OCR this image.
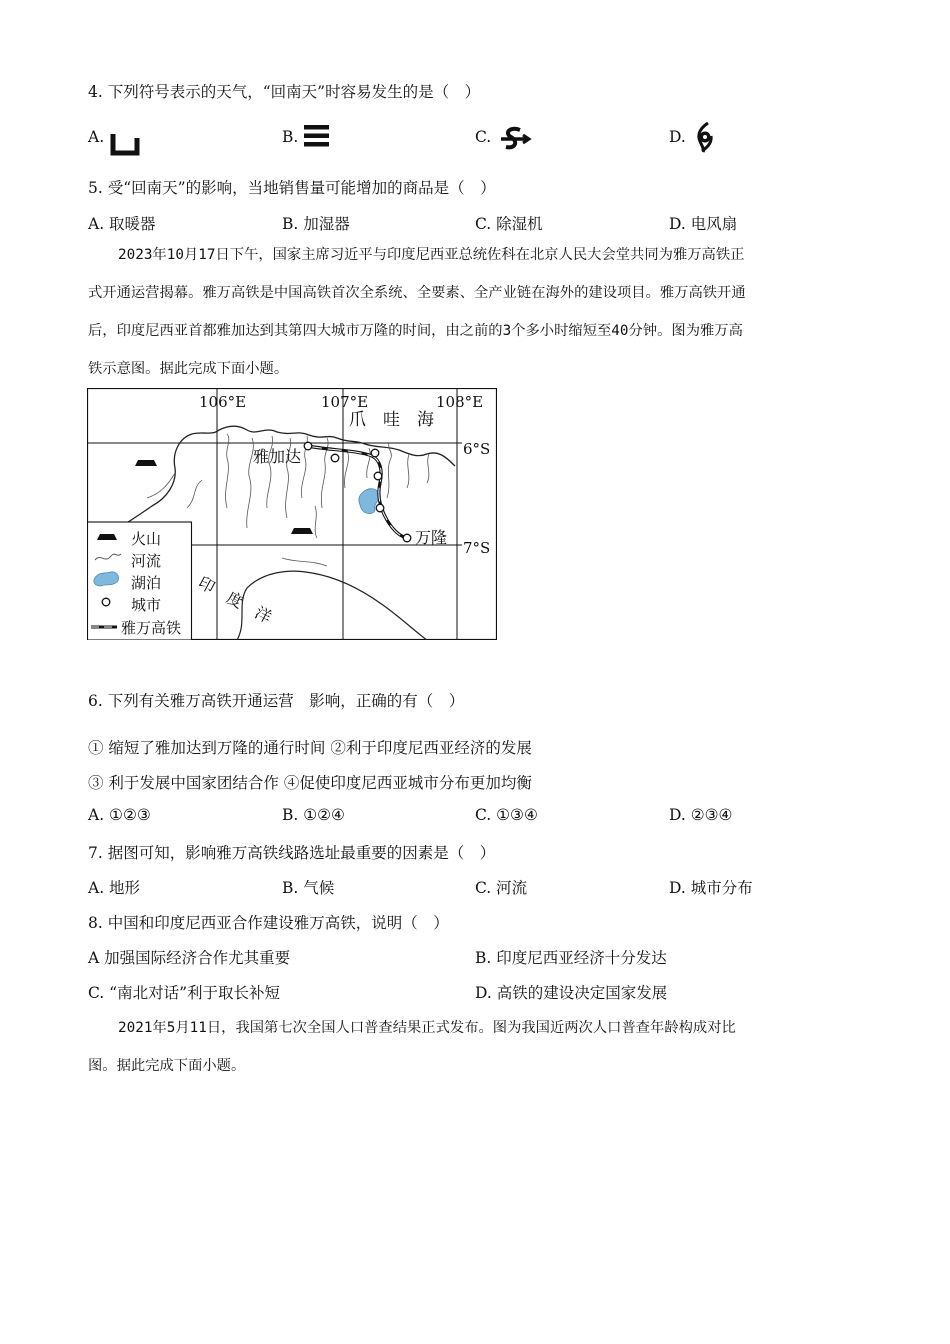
4. 下列符号表示的天气，“回南天”时容易发生的是（　）
A.	B.	C.	D.
5. 受“回南天”的影响，当地销售量可能增加的商品是（　）
A. 取暖器	B. 加湿器	C. 除湿机	D. 电风扇
2023年10月17日下午，国家主席习近平与印度尼西亚总统佐科在北京人民大会堂共同为雅万高铁正
式开通运营揭幕。雅万高铁是中国高铁首次全系统、全要素、全产业链在海外的建设项目。雅万高铁开通
后，印度尼西亚首都雅加达到其第四大城市万隆的时间，由之前的3个多小时缩短至40分钟。图为雅万高
铁示意图。据此完成下面小题。
106°E	107°E	108°E
6°S
7°S
爪　哇　海
雅加达
万隆
印　度　洋
火山
河流
湖泊
城市
雅万高铁
6. 下列有关雅万高铁开通运营　影响，正确的有（　）
① 缩短了雅加达到万隆的通行时间 ②利于印度尼西亚经济的发展
③ 利于发展中国家团结合作 ④促使印度尼西亚城市分布更加均衡
A. ①②③	B. ①②④	C. ①③④	D. ②③④
7. 据图可知，影响雅万高铁线路选址最重要的因素是（　）
A. 地形	B. 气候	C. 河流	D. 城市分布
8. 中国和印度尼西亚合作建设雅万高铁，说明（　）
A 加强国际经济合作尤其重要	B. 印度尼西亚经济十分发达
C. “南北对话”利于取长补短	D. 高铁的建设决定国家发展
2021年5月11日，我国第七次全国人口普查结果正式发布。图为我国近两次人口普查年龄构成对比
图。据此完成下面小题。
